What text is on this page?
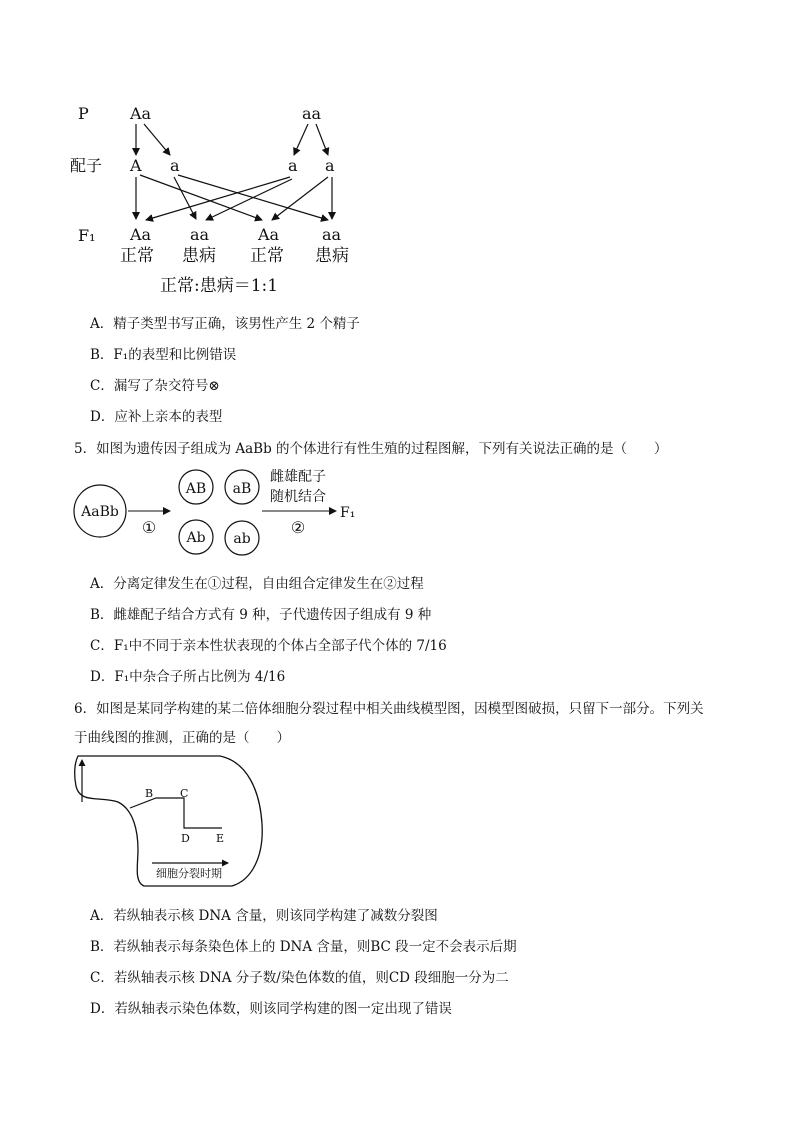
P
配子
F₁
Aa	aa
A a	a a
Aa aa	Aa	aa
正常 患病 正常 患病
正常:患病＝1:1
A．精子类型书写正确，该男性产生 2 个精子
B．F₁的表型和比例错误
C．漏写了杂交符号⊗
D．应补上亲本的表型
5．如图为遗传因子组成为 AaBb 的个体进行有性生殖的过程图解，下列有关说法正确的是（　　）
AaBb
①
AB aB
Ab ab
雌雄配子
随机结合
②
F₁
A．分离定律发生在①过程，自由组合定律发生在②过程
B．雌雄配子结合方式有 9 种，子代遗传因子组成有 9 种
C．F₁中不同于亲本性状表现的个体占全部子代个体的 7/16
D．F₁中杂合子所占比例为 4/16
6．如图是某同学构建的某二倍体细胞分裂过程中相关曲线模型图，因模型图破损，只留下一部分。下列关
于曲线图的推测，正确的是（　　）
细胞分裂时期
B C
D E
A．若纵轴表示核 DNA 含量，则该同学构建了减数分裂图
B．若纵轴表示每条染色体上的 DNA 含量，则BC 段一定不会表示后期
C．若纵轴表示核 DNA 分子数/染色体数的值，则CD 段细胞一分为二
D．若纵轴表示染色体数，则该同学构建的图一定出现了错误
